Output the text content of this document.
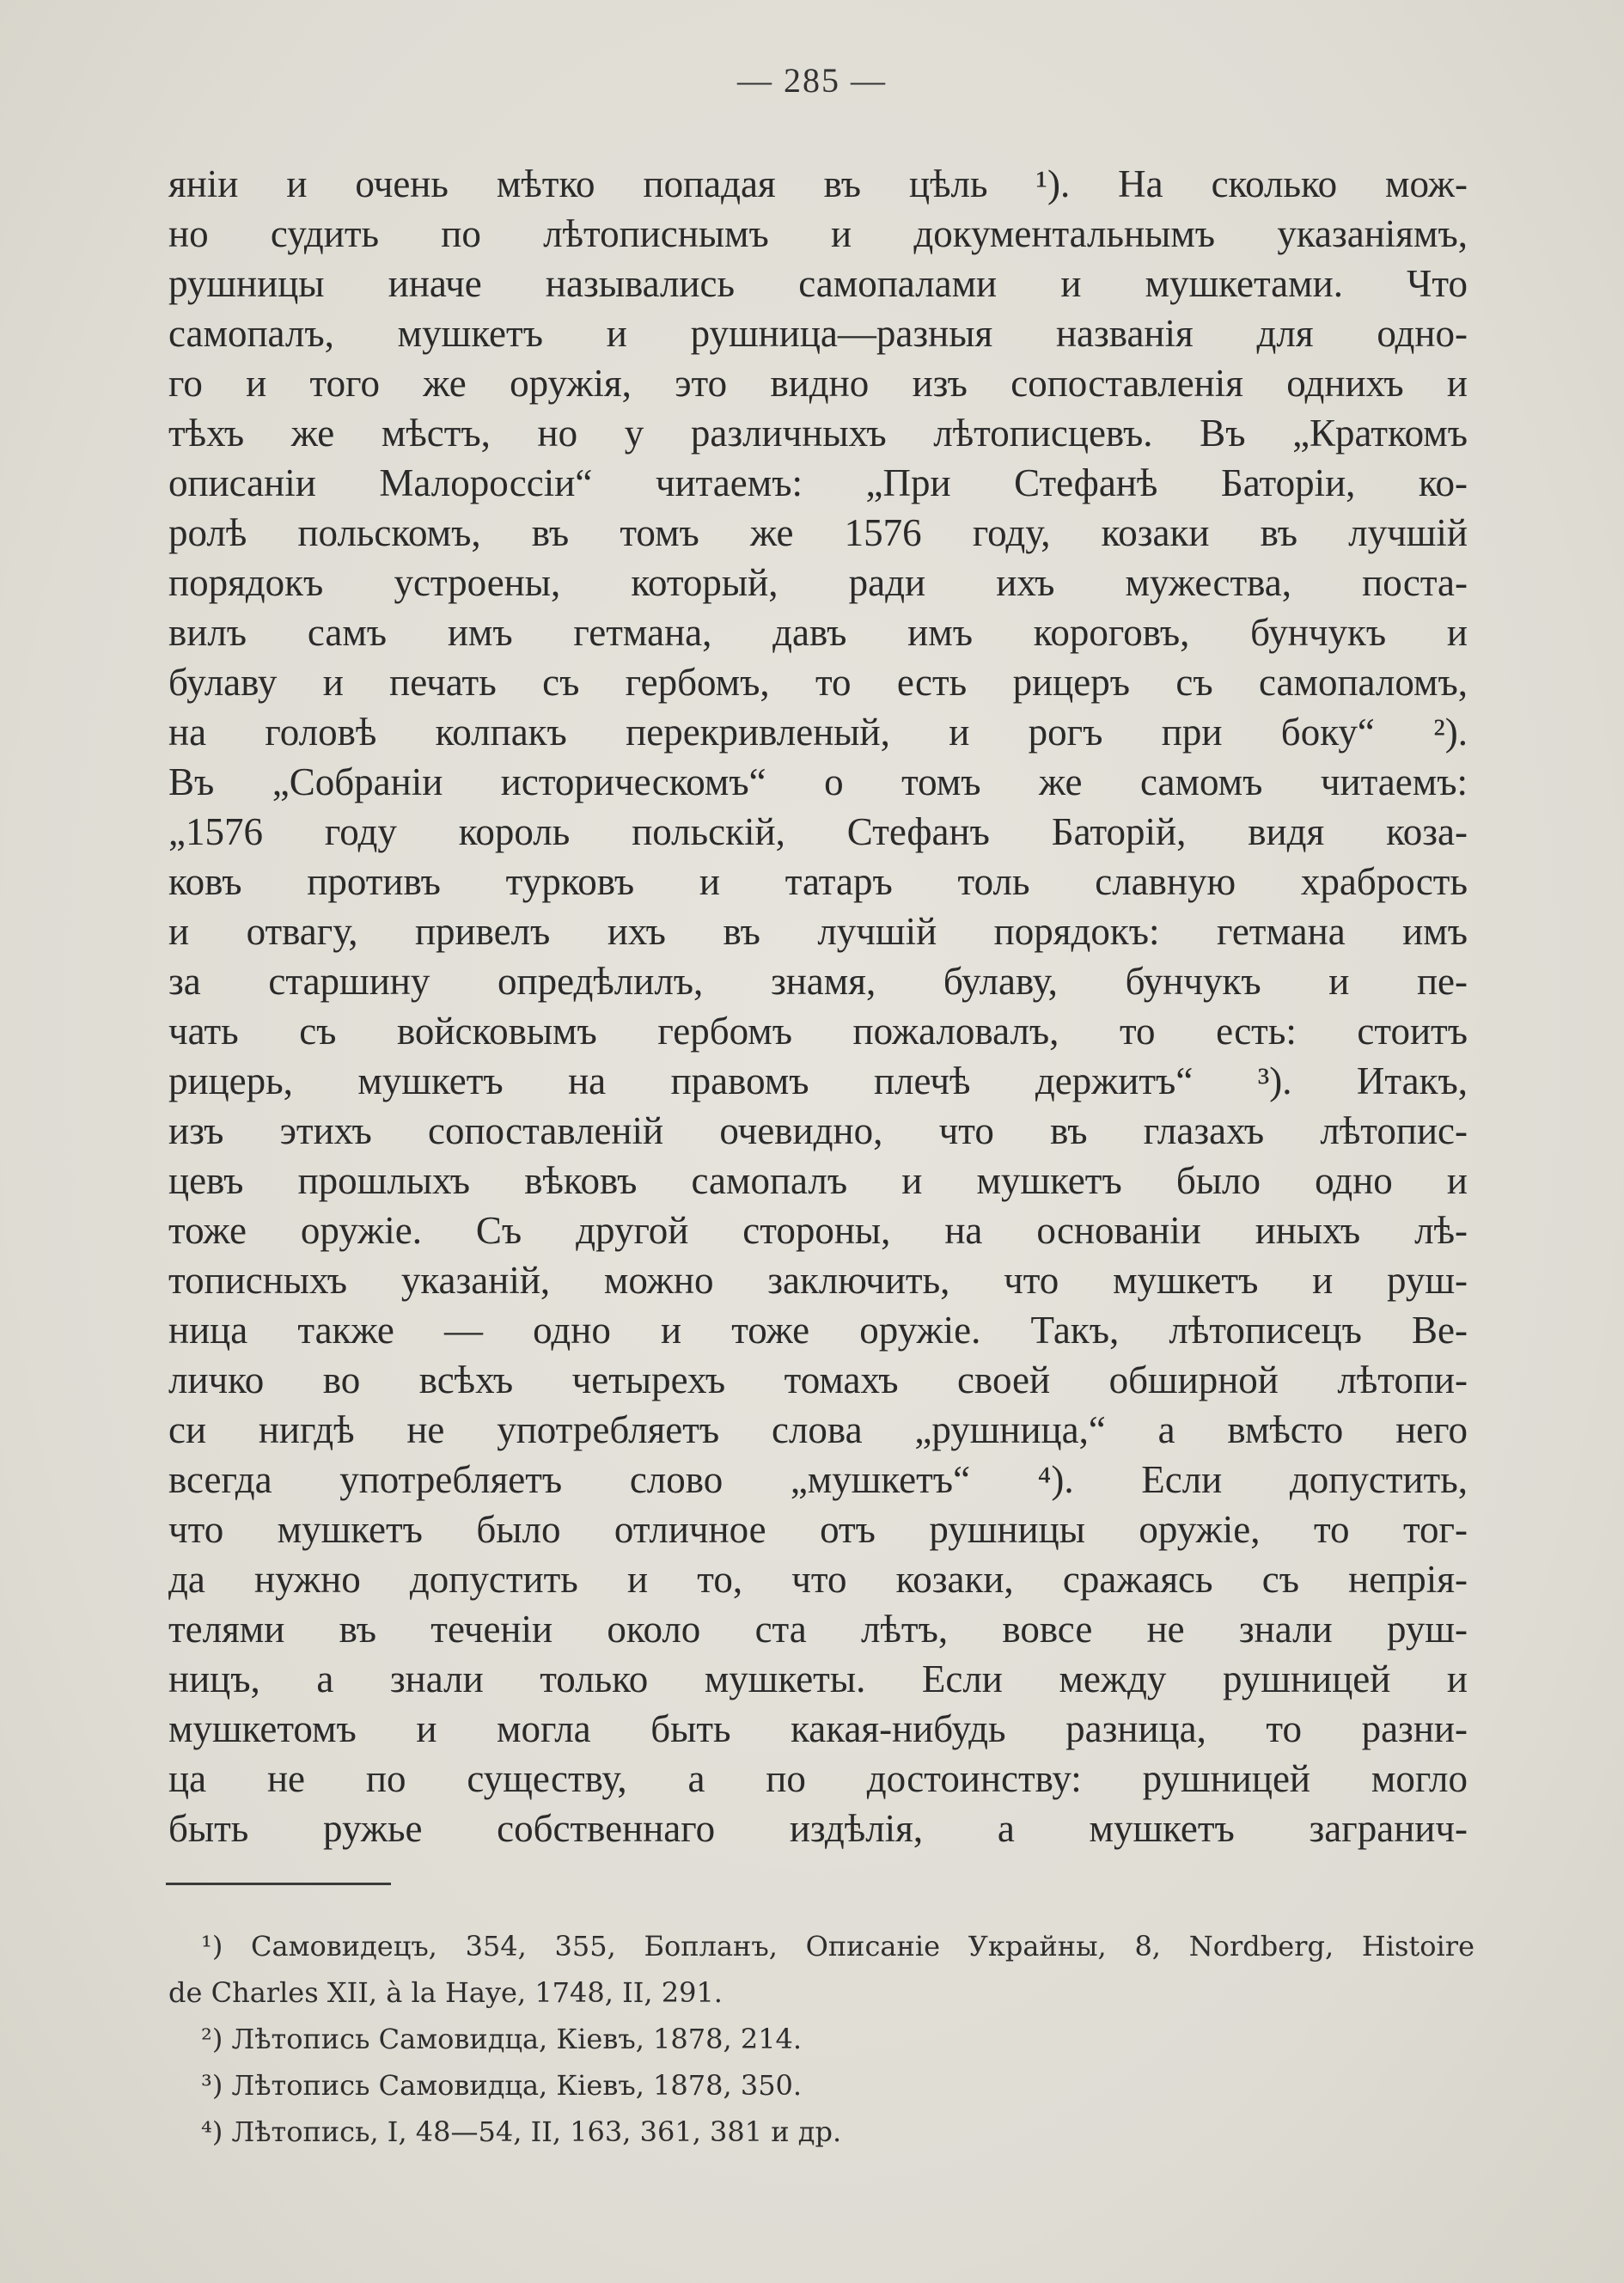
— 285 —
янiи и очень мѣтко попадая въ цѣль ¹). На сколько мож-
но судить по лѣтописнымъ и документальнымъ указанiямъ,
рушницы иначе назывались самопалами и мушкетами. Что
самопалъ, мушкетъ и рушница—разныя названiя для одно-
го и того же оружiя, это видно изъ сопоставленiя однихъ и
тѣхъ же мѣстъ, но у различныхъ лѣтописцевъ. Въ „Краткомъ
описанiи Малороссiи“ читаемъ: „При Стефанѣ Баторiи, ко-
ролѣ польскомъ, въ томъ же 1576 году, козаки въ лучшiй
порядокъ устроены, который, ради ихъ мужества, поста-
вилъ самъ имъ гетмана, давъ имъ короговъ, бунчукъ и
булаву и печать съ гербомъ, то есть рицеръ съ самопаломъ,
на головѣ колпакъ перекривленый, и рогъ при боку“ ²).
Въ „Собранiи историческомъ“ о томъ же самомъ читаемъ:
„1576 году король польскiй, Стефанъ Баторiй, видя коза-
ковъ противъ турковъ и татаръ толь славную храбрость
и отвагу, привелъ ихъ въ лучшiй порядокъ: гетмана имъ
за старшину опредѣлилъ, знамя, булаву, бунчукъ и пе-
чать съ войсковымъ гербомъ пожаловалъ, то есть: стоитъ
рицерь, мушкетъ на правомъ плечѣ держитъ“ ³). Итакъ,
изъ этихъ сопоставленiй очевидно, что въ глазахъ лѣтопис-
цевъ прошлыхъ вѣковъ самопалъ и мушкетъ было одно и
тоже оружiе. Съ другой стороны, на основанiи иныхъ лѣ-
тописныхъ указанiй, можно заключить, что мушкетъ и руш-
ница также — одно и тоже оружiе. Такъ, лѣтописецъ Ве-
личко во всѣхъ четырехъ томахъ своей обширной лѣтопи-
си нигдѣ не употребляетъ слова „рушница,“ а вмѣсто него
всегда употребляетъ слово „мушкетъ“ ⁴). Если допустить,
что мушкетъ было отличное отъ рушницы оружiе, то тог-
да нужно допустить и то, что козаки, сражаясь съ непрiя-
телями въ теченiи около ста лѣтъ, вовсе не знали руш-
ницъ, а знали только мушкеты. Если между рушницей и
мушкетомъ и могла быть какая-нибудь разница, то разни-
ца не по существу, а по достоинству: рушницей могло
быть ружье собственнаго издѣлiя, а мушкетъ загранич-
¹) Самовидецъ, 354, 355, Бопланъ, Описанiе Украйны, 8, Nordberg, Histoire
de Charles XII, à la Haye, 1748, II, 291.
²) Лѣтопись Самовидца, Кiевъ, 1878, 214.
³) Лѣтопись Самовидца, Кiевъ, 1878, 350.
⁴) Лѣтопись, I, 48—54, II, 163, 361, 381 и др.
